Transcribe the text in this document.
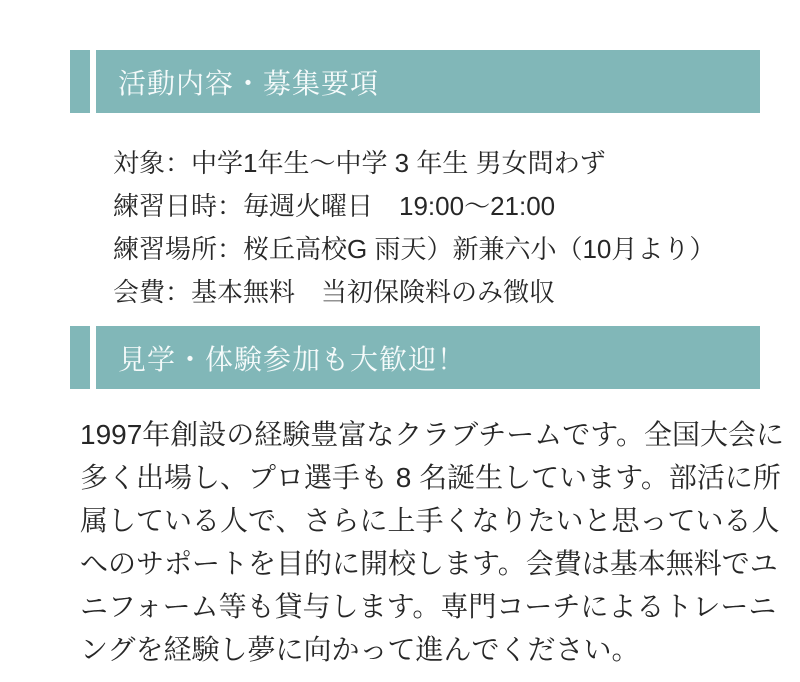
活動内容・募集要項
対象：中学1年生～中学 3 年生 男女問わず
練習日時：毎週火曜日　19:00～21:00
練習場所：桜丘高校G 雨天）新兼六小（10月より）
会費：基本無料　当初保険料のみ徴収
見学・体験参加も大歓迎！
1997年創設の経験豊富なクラブチームです。全国大会に
多く出場し、プロ選手も 8 名誕生しています。部活に所
属している人で、さらに上手くなりたいと思っている人
へのサポートを目的に開校します。会費は基本無料でユ
ニフォーム等も貸与します。専門コーチによるトレーニ
ングを経験し夢に向かって進んでください。
